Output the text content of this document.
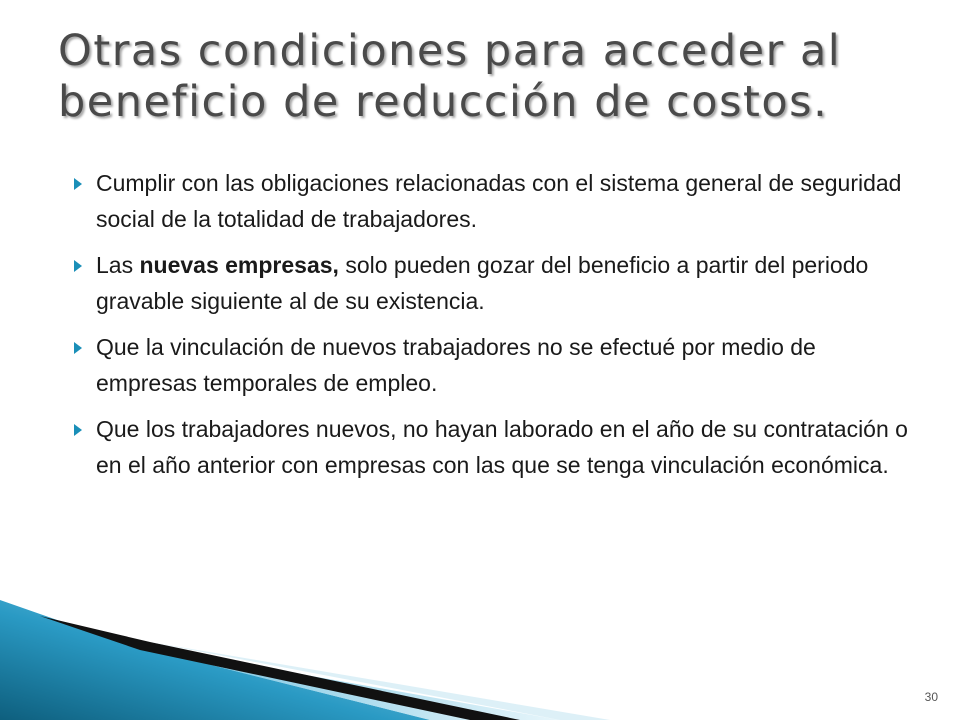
Otras condiciones para acceder al beneficio de reducción de costos.
Cumplir con las obligaciones relacionadas con el sistema general de seguridad social de la totalidad de trabajadores.
Las nuevas empresas, solo pueden gozar del beneficio a partir del periodo gravable siguiente al de su existencia.
Que la vinculación de nuevos trabajadores no se efectué por medio de empresas temporales de empleo.
Que los trabajadores nuevos, no hayan laborado en el año de su contratación o en el año anterior con empresas con las que se tenga vinculación económica.
30
